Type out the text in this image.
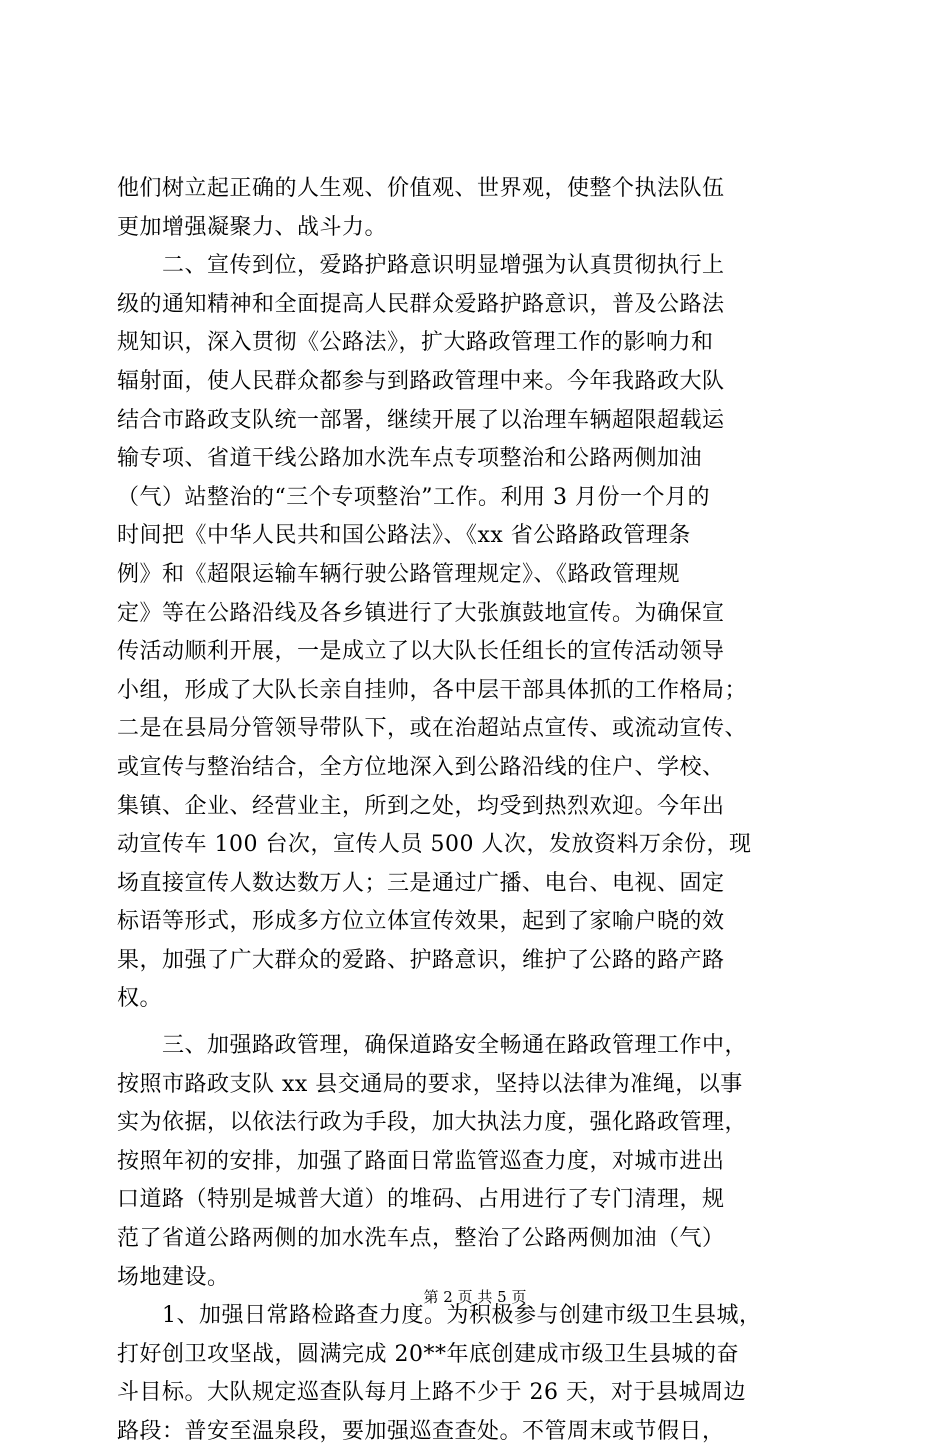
他们树立起正确的人生观、价值观、世界观，使整个执法队伍
更加增强凝聚力、战斗力。
　　二、宣传到位，爱路护路意识明显增强为认真贯彻执行上
级的通知精神和全面提高人民群众爱路护路意识，普及公路法
规知识，深入贯彻《公路法》，扩大路政管理工作的影响力和
辐射面，使人民群众都参与到路政管理中来。今年我路政大队
结合市路政支队统一部署，继续开展了以治理车辆超限超载运
输专项、省道干线公路加水洗车点专项整治和公路两侧加油
（气）站整治的“三个专项整治”工作。利用 3 月份一个月的
时间把《中华人民共和国公路法》、《xx 省公路路政管理条
例》和《超限运输车辆行驶公路管理规定》、《路政管理规
定》等在公路沿线及各乡镇进行了大张旗鼓地宣传。为确保宣
传活动顺利开展，一是成立了以大队长任组长的宣传活动领导
小组，形成了大队长亲自挂帅，各中层干部具体抓的工作格局；
二是在县局分管领导带队下，或在治超站点宣传、或流动宣传、
或宣传与整治结合，全方位地深入到公路沿线的住户、学校、
集镇、企业、经营业主，所到之处，均受到热烈欢迎。今年出
动宣传车 100 台次，宣传人员 500 人次，发放资料万余份，现
场直接宣传人数达数万人；三是通过广播、电台、电视、固定
标语等形式，形成多方位立体宣传效果，起到了家喻户晓的效
果，加强了广大群众的爱路、护路意识，维护了公路的路产路
权。
　　三、加强路政管理，确保道路安全畅通在路政管理工作中，
按照市路政支队 xx 县交通局的要求，坚持以法律为准绳，以事
实为依据，以依法行政为手段，加大执法力度，强化路政管理，
按照年初的安排，加强了路面日常监管巡查力度，对城市进出
口道路（特别是城普大道）的堆码、占用进行了专门清理，规
范了省道公路两侧的加水洗车点，整治了公路两侧加油（气）
场地建设。
　　1、加强日常路检路查力度。为积极参与创建市级卫生县城，
打好创卫攻坚战，圆满完成 20**年底创建成市级卫生县城的奋
斗目标。大队规定巡查队每月上路不少于 26 天，对于县城周边
路段：普安至温泉段，要加强巡查查处。不管周末或节假日，
第 2 页 共 5 页
